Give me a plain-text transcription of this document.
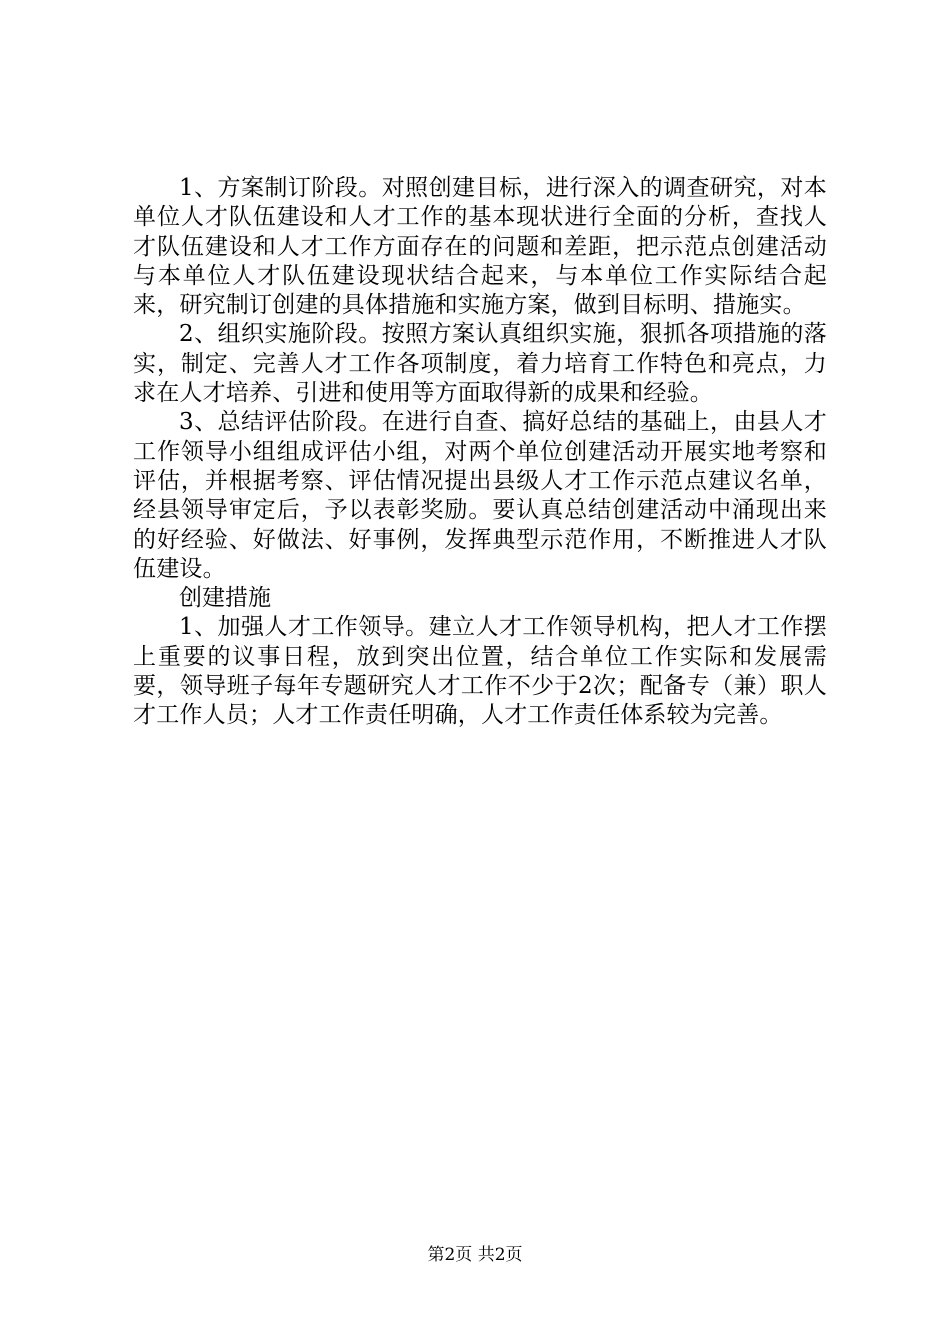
1、方案制订阶段。对照创建目标，进行深入的调查研究，对本单位人才队伍建设和人才工作的基本现状进行全面的分析，查找人才队伍建设和人才工作方面存在的问题和差距，把示范点创建活动与本单位人才队伍建设现状结合起来，与本单位工作实际结合起来，研究制订创建的具体措施和实施方案，做到目标明、措施实。

2、组织实施阶段。按照方案认真组织实施，狠抓各项措施的落实，制定、完善人才工作各项制度，着力培育工作特色和亮点，力求在人才培养、引进和使用等方面取得新的成果和经验。

3、总结评估阶段。在进行自查、搞好总结的基础上，由县人才工作领导小组组成评估小组，对两个单位创建活动开展实地考察和评估，并根据考察、评估情况提出县级人才工作示范点建议名单，经县领导审定后，予以表彰奖励。要认真总结创建活动中涌现出来的好经验、好做法、好事例，发挥典型示范作用，不断推进人才队伍建设。

创建措施

1、加强人才工作领导。建立人才工作领导机构，把人才工作摆上重要的议事日程，放到突出位置，结合单位工作实际和发展需要，领导班子每年专题研究人才工作不少于2次；配备专（兼）职人才工作人员；人才工作责任明确，人才工作责任体系较为完善。

第2页 共2页
